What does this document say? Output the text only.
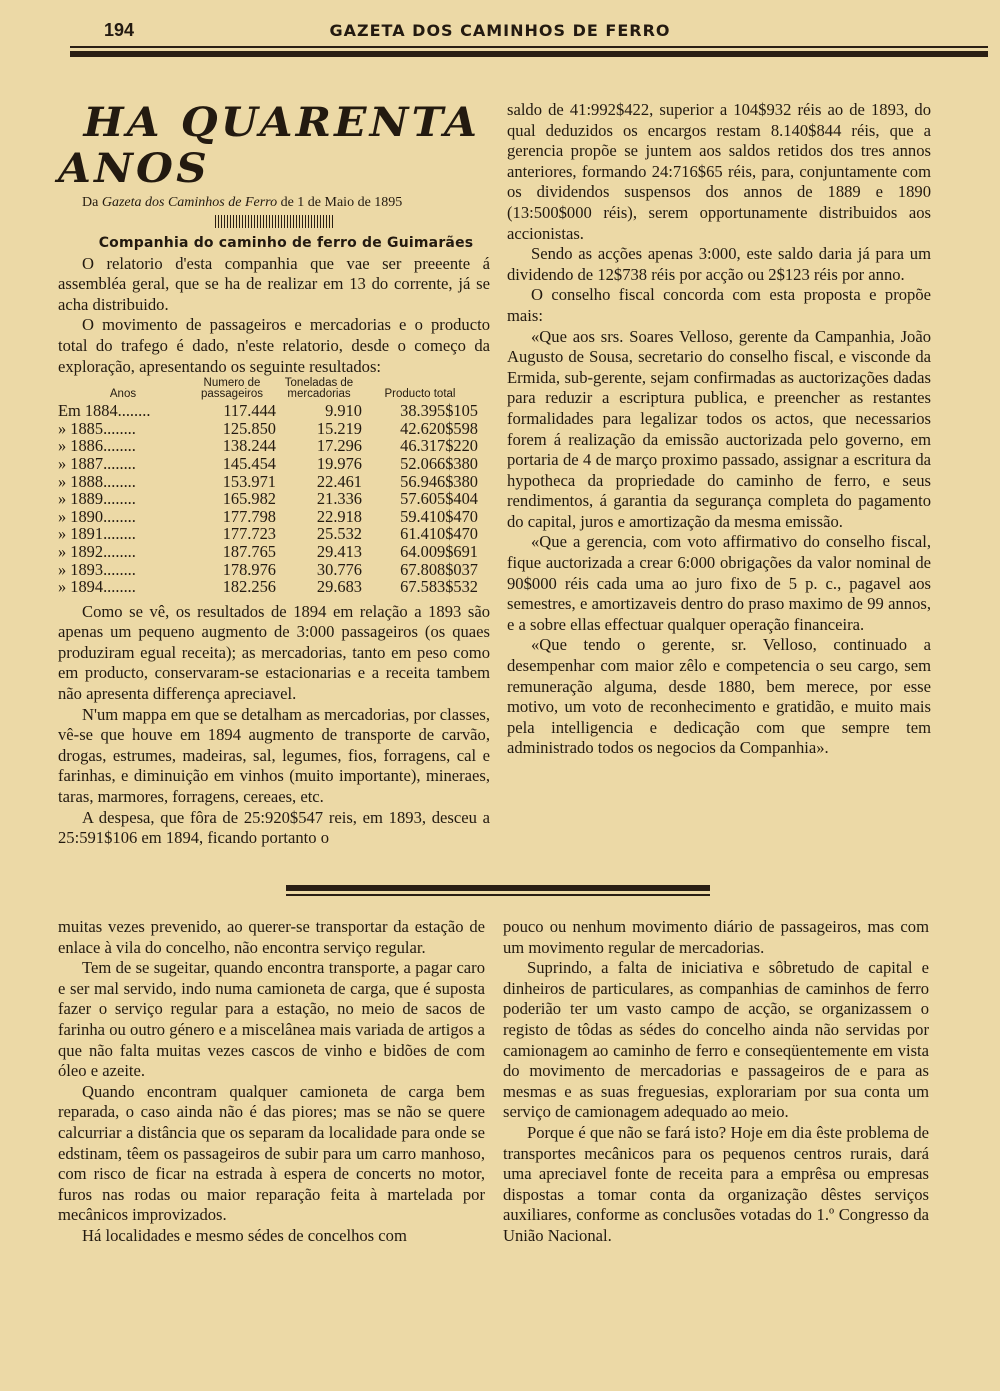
194	GAZETA DOS CAMINHOS DE FERRO

HA QUARENTA ANOS

Da Gazeta dos Caminhos de Ferro de 1 de Maio de 1895

Companhia do caminho de ferro de Guimarães

O relatorio d'esta companhia que vae ser preeente á assembléa geral, que se ha de realizar em 13 do corrente, já se acha distribuido.

O movimento de passageiros e mercadorias e o producto total do trafego é dado, n'este relatorio, desde o começo da exploração, apresentando os seguinte resultados:

Anos	Numero de passageiros	Toneladas de mercadorias	Producto total
Em 1884........	117.444	9.910	38.395$105
» 1885........	125.850	15.219	42.620$598
» 1886........	138.244	17.296	46.317$220
» 1887........	145.454	19.976	52.066$380
» 1888........	153.971	22.461	56.946$380
» 1889........	165.982	21.336	57.605$404
» 1890........	177.798	22.918	59.410$470
» 1891........	177.723	25.532	61.410$470
» 1892........	187.765	29.413	64.009$691
» 1893........	178.976	30.776	67.808$037
» 1894........	182.256	29.683	67.583$532

Como se vê, os resultados de 1894 em relação a 1893 são apenas um pequeno augmento de 3:000 passageiros (os quaes produziram egual receita); as mercadorias, tanto em peso como em producto, conservaram-se estacionarias e a receita tambem não apresenta differença apreciavel.

N'um mappa em que se detalham as mercadorias, por classes, vê-se que houve em 1894 augmento de transporte de carvão, drogas, estrumes, madeiras, sal, legumes, fios, forragens, cal e farinhas, e diminuição em vinhos (muito importante), mineraes, taras, marmores, forragens, cereaes, etc.

A despesa, que fôra de 25:920$547 reis, em 1893, desceu a 25:591$106 em 1894, ficando portanto o

saldo de 41:992$422, superior a 104$932 réis ao de 1893, do qual deduzidos os encargos restam 8.140$844 réis, que a gerencia propõe se juntem aos saldos retidos dos tres annos anteriores, formando 24:716$65 réis, para, conjuntamente com os dividendos suspensos dos annos de 1889 e 1890 (13:500$000 réis), serem opportunamente distribuidos aos accionistas.

Sendo as acções apenas 3:000, este saldo daria já para um dividendo de 12$738 réis por acção ou 2$123 réis por anno.

O conselho fiscal concorda com esta proposta e propõe mais:

«Que aos srs. Soares Velloso, gerente da Campanhia, João Augusto de Sousa, secretario do conselho fiscal, e visconde da Ermida, sub-gerente, sejam confirmadas as auctorizações dadas para reduzir a escriptura publica, e preencher as restantes formalidades para legalizar todos os actos, que necessarios forem á realização da emissão auctorizada pelo governo, em portaria de 4 de março proximo passado, assignar a escritura da hypotheca da propriedade do caminho de ferro, e seus rendimentos, á garantia da segurança completa do pagamento do capital, juros e amortização da mesma emissão.

«Que a gerencia, com voto affirmativo do conselho fiscal, fique auctorizada a crear 6:000 obrigações da valor nominal de 90$000 réis cada uma ao juro fixo de 5 p. c., pagavel aos semestres, e amortizaveis dentro do praso maximo de 99 annos, e a sobre ellas effectuar qualquer operação financeira.

«Que tendo o gerente, sr. Velloso, continuado a desempenhar com maior zêlo e competencia o seu cargo, sem remuneração alguma, desde 1880, bem merece, por esse motivo, um voto de reconhecimento e gratidão, e muito mais pela intelligencia e dedicação com que sempre tem administrado todos os negocios da Companhia».

muitas vezes prevenido, ao querer-se transportar da estação de enlace à vila do concelho, não encontra serviço regular.

Tem de se sugeitar, quando encontra transporte, a pagar caro e ser mal servido, indo numa camioneta de carga, que é suposta fazer o serviço regular para a estação, no meio de sacos de farinha ou outro género e a miscelânea mais variada de artigos a que não falta muitas vezes cascos de vinho e bidões de com óleo e azeite.

Quando encontram qualquer camioneta de carga bem reparada, o caso ainda não é das piores; mas se não se quere calcurriar a distância que os separam da localidade para onde se edstinam, têem os passageiros de subir para um carro manhoso, com risco de ficar na estrada à espera de concerts no motor, furos nas rodas ou maior reparação feita à martelada por mecânicos improvizados.

Há localidades e mesmo sédes de concelhos com

pouco ou nenhum movimento diário de passageiros, mas com um movimento regular de mercadorias.

Suprindo, a falta de iniciativa e sôbretudo de capital e dinheiros de particulares, as companhias de caminhos de ferro poderião ter um vasto campo de acção, se organizassem o registo de tôdas as sédes do concelho ainda não servidas por camionagem ao caminho de ferro e conseqüentemente em vista do movimento de mercadorias e passageiros de e para as mesmas e as suas freguesias, explorariam por sua conta um serviço de camionagem adequado ao meio.

Porque é que não se fará isto? Hoje em dia êste problema de transportes mecânicos para os pequenos centros rurais, dará uma apreciavel fonte de receita para a emprêsa ou empresas dispostas a tomar conta da organização dêstes serviços auxiliares, conforme as conclusões votadas do 1.º Congresso da União Nacional.
